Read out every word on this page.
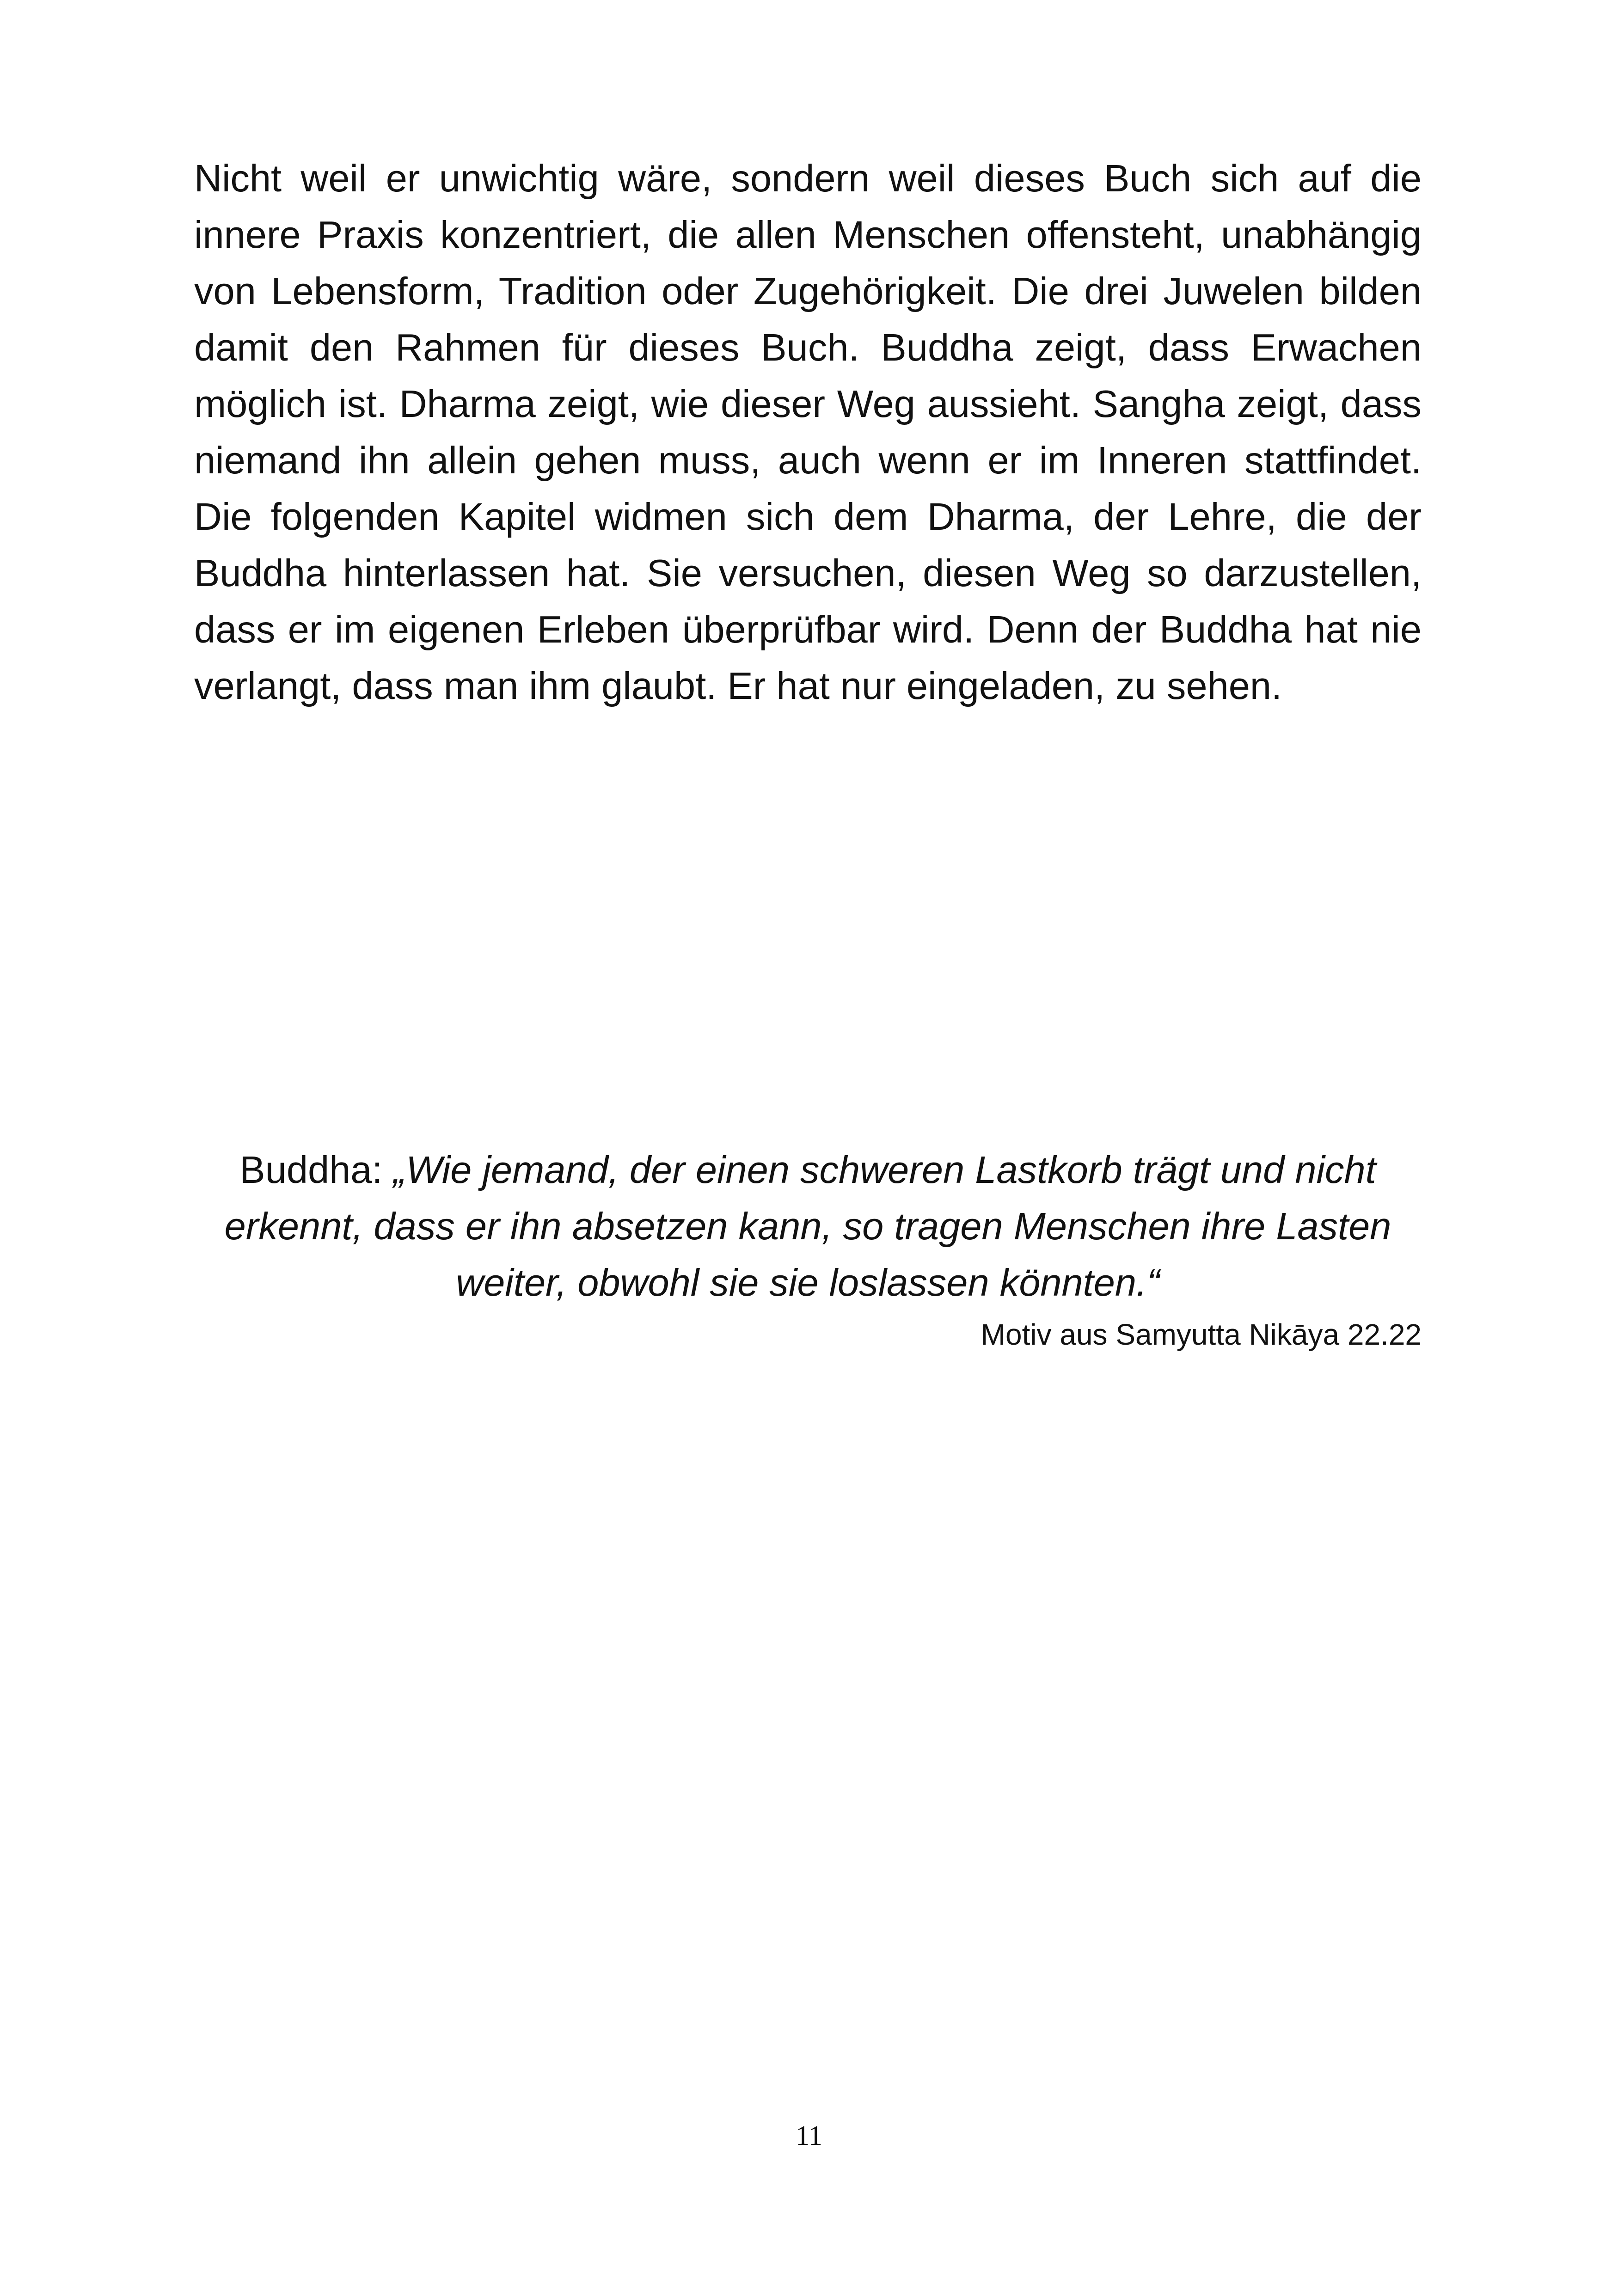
Nicht weil er unwichtig wäre, sondern weil dieses Buch sich auf die innere Praxis konzentriert, die allen Menschen offensteht, unabhängig von Lebensform, Tradition oder Zugehörigkeit. Die drei Juwelen bilden damit den Rahmen für dieses Buch. Buddha zeigt, dass Erwachen möglich ist. Dharma zeigt, wie dieser Weg aussieht. Sangha zeigt, dass niemand ihn allein gehen muss, auch wenn er im Inneren stattfindet. Die folgenden Kapitel widmen sich dem Dharma, der Lehre, die der Buddha hinterlassen hat. Sie versuchen, diesen Weg so darzustellen, dass er im eigenen Erleben überprüfbar wird. Denn der Buddha hat nie verlangt, dass man ihm glaubt. Er hat nur eingeladen, zu sehen.

Buddha: „Wie jemand, der einen schweren Lastkorb trägt und nicht erkennt, dass er ihn absetzen kann, so tragen Menschen ihre Lasten weiter, obwohl sie sie loslassen könnten.“

Motiv aus Samyutta Nikāya 22.22

11
